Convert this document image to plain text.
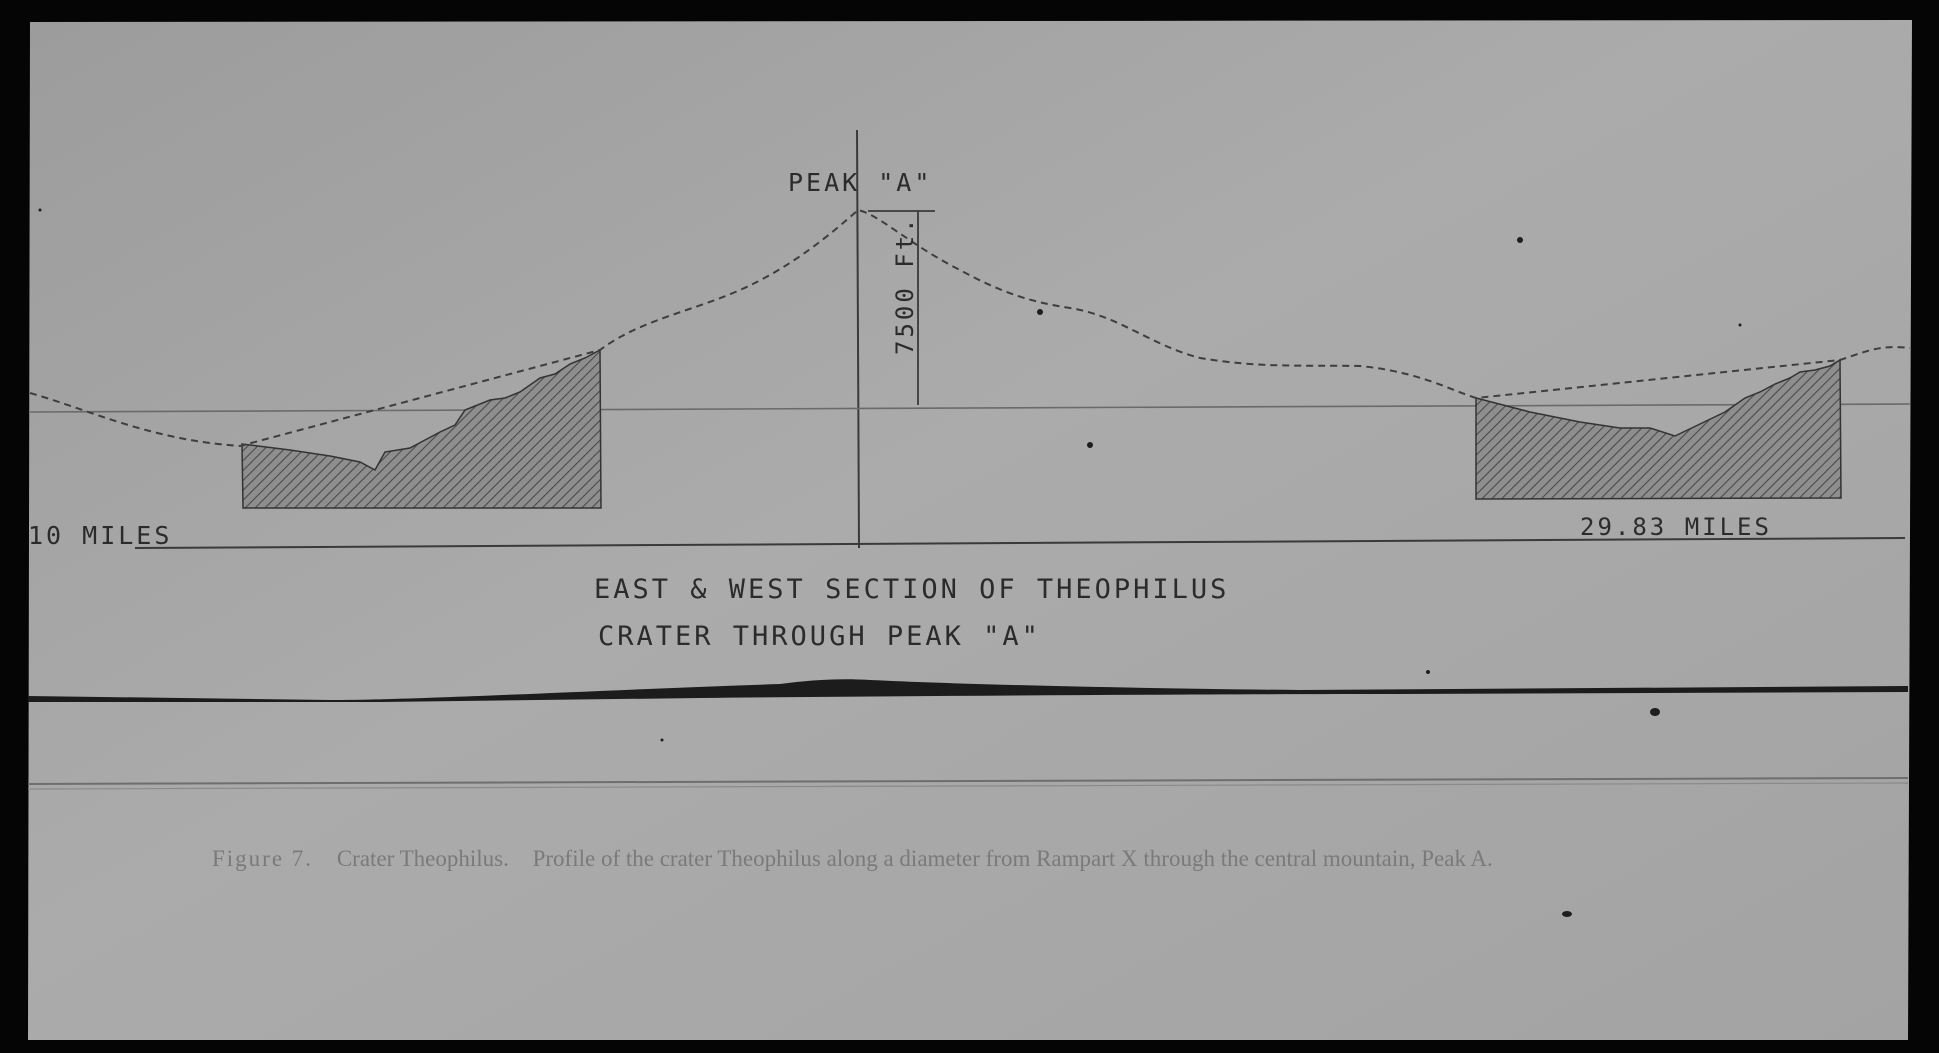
PEAK "A"
7500 Ft.
10 MILES	29.83 MILES
EAST & WEST SECTION OF THEOPHILUS
CRATER THROUGH PEAK "A"
Figure 7. Crater Theophilus. Profile of the crater Theophilus along a diameter from Rampart X through the central mountain, Peak A.
